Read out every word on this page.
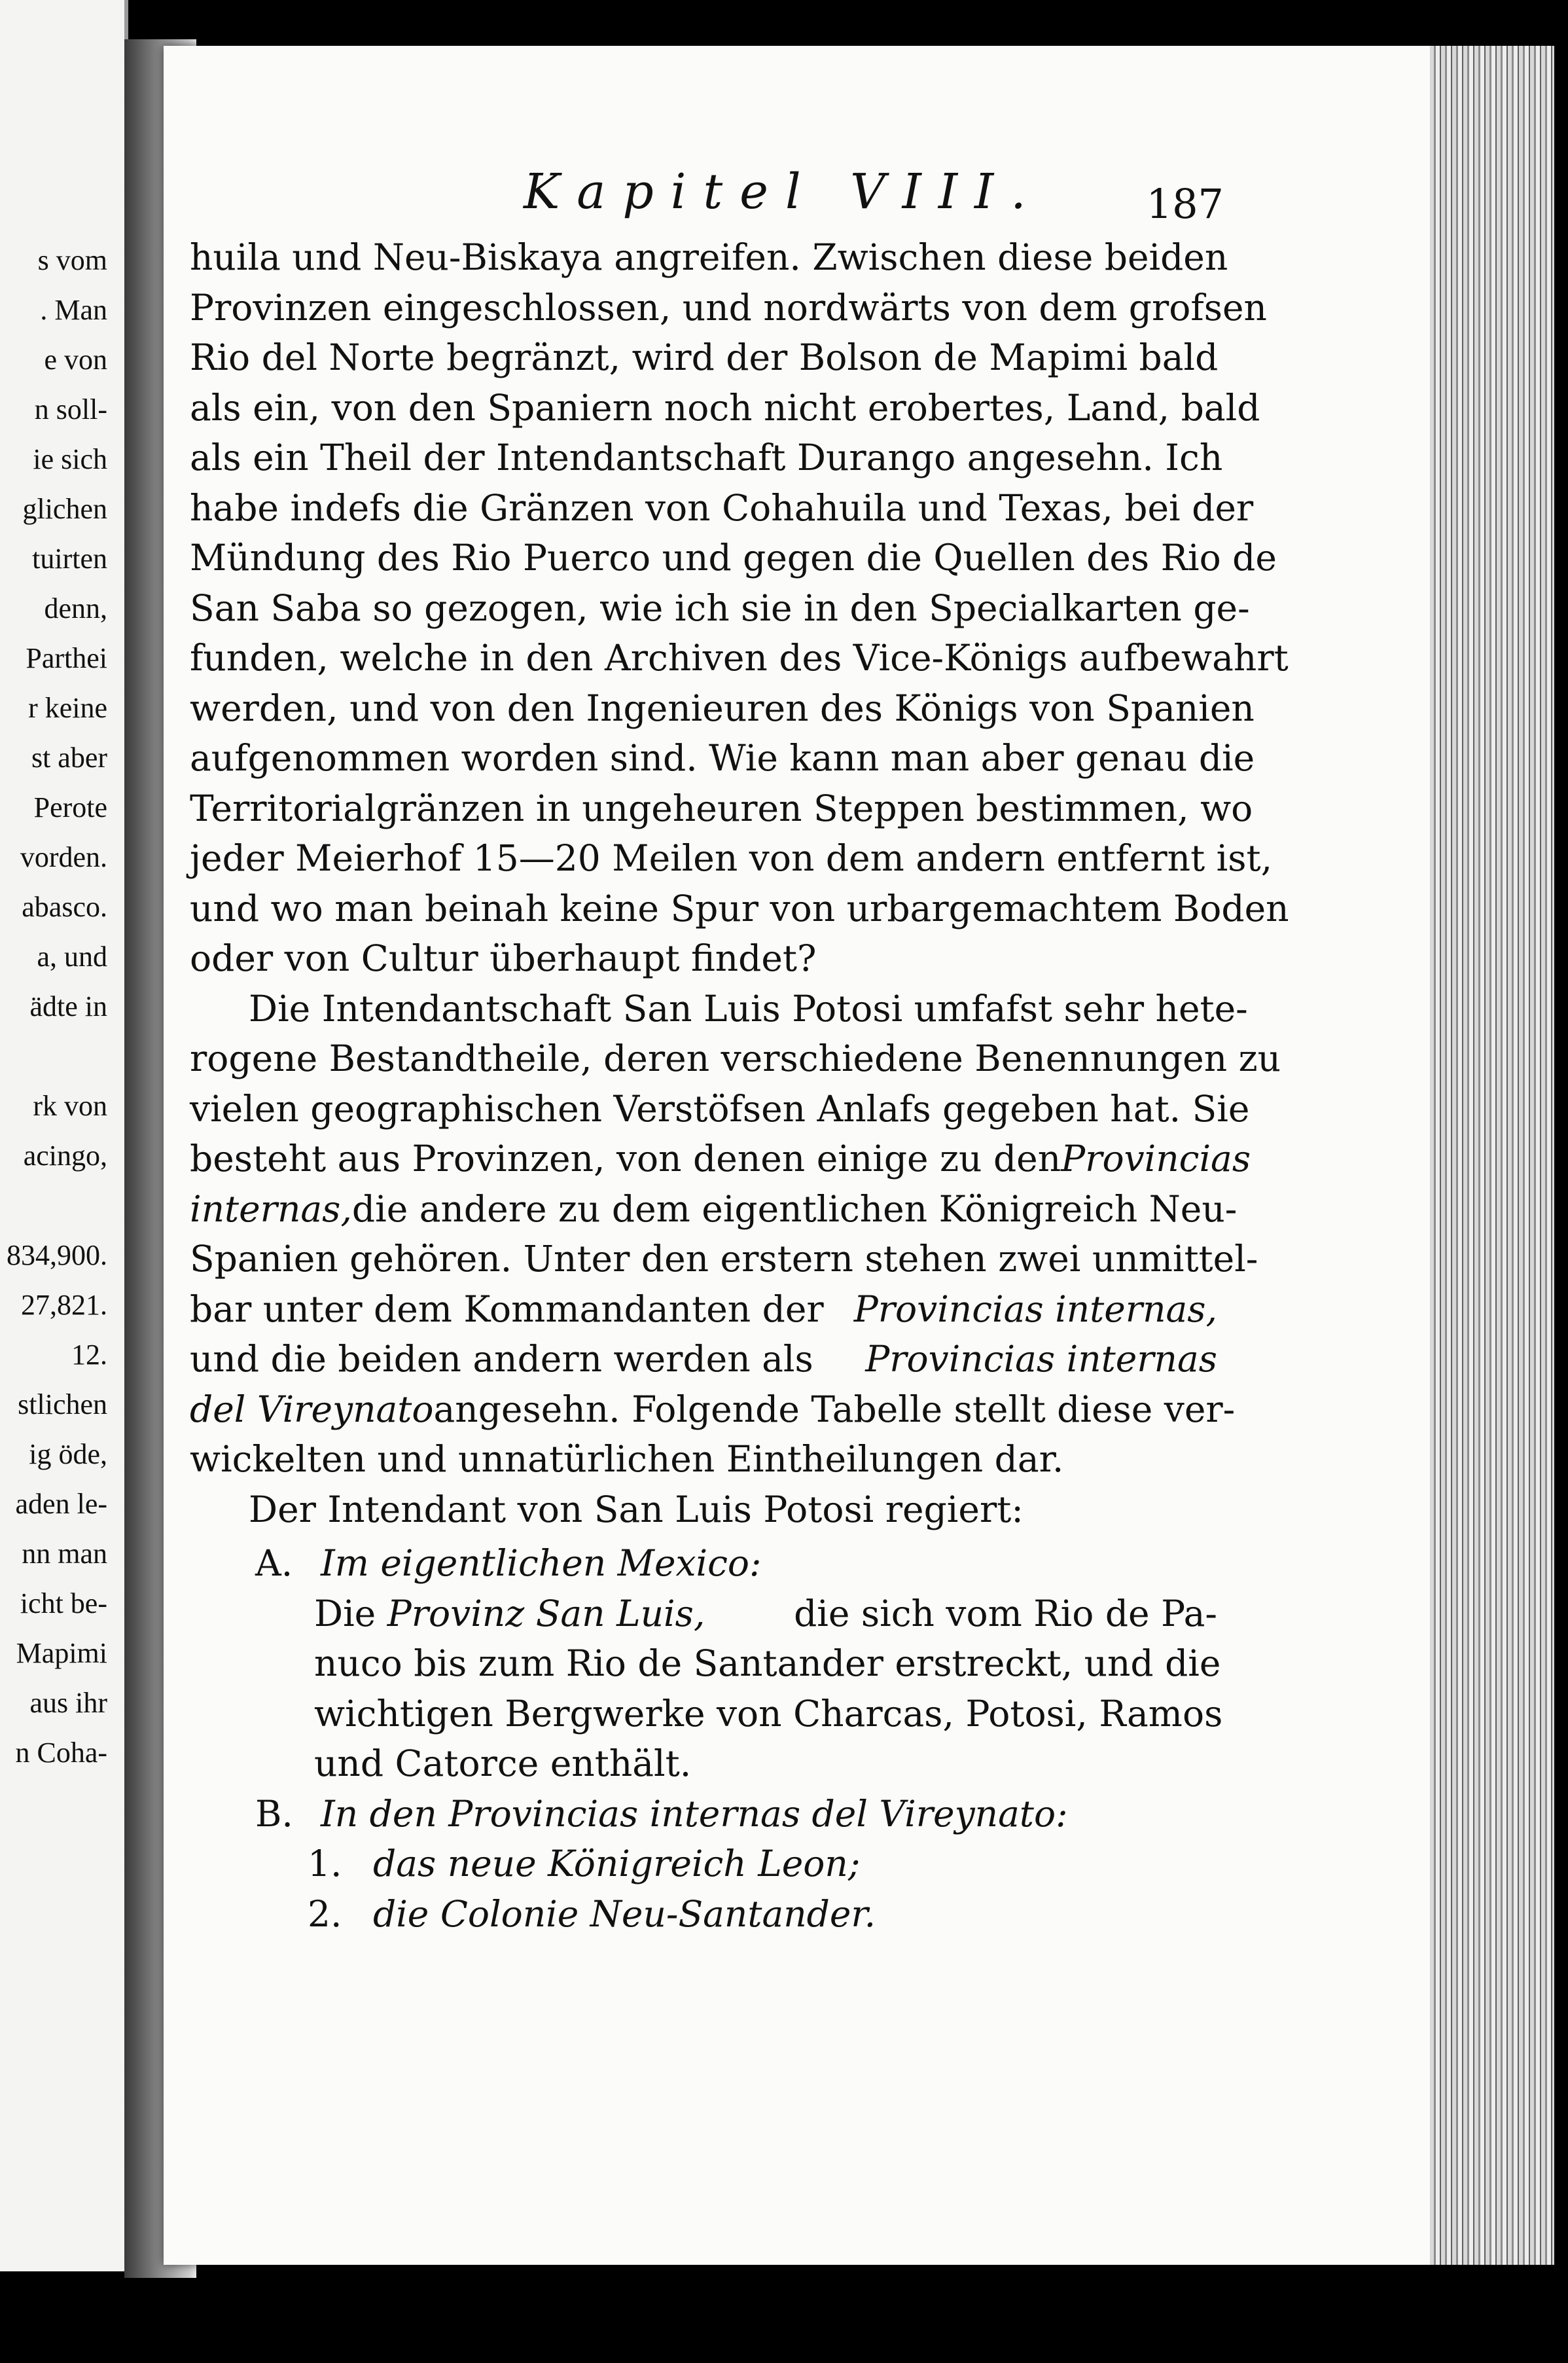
s vom
. Man
e von
n soll-
ie sich
glichen
tuirten
denn,
Parthei
r keine
st aber
Perote
vorden.
abasco.
a, und
ädte in
rk von
acingo,
834,900.
27,821.
12.
stlichen
ig öde,
aden le-
nn man
icht be-
Mapimi
aus ihr
n Coha-
Kapitel VIII.	187
huila und Neu-Biskaya angreifen. Zwischen diese beiden
Provinzen eingeschlossen, und nordwärts von dem grofsen
Rio del Norte begränzt, wird der Bolson de Mapimi bald
als ein, von den Spaniern noch nicht erobertes, Land, bald
als ein Theil der Intendantschaft Durango angesehn. Ich
habe indefs die Gränzen von Cohahuila und Texas, bei der
Mündung des Rio Puerco und gegen die Quellen des Rio de
San Saba so gezogen, wie ich sie in den Specialkarten ge-
funden, welche in den Archiven des Vice-Königs aufbewahrt
werden, und von den Ingenieuren des Königs von Spanien
aufgenommen worden sind. Wie kann man aber genau die
Territorialgränzen in ungeheuren Steppen bestimmen, wo
jeder Meierhof 15—20 Meilen von dem andern entfernt ist,
und wo man beinah keine Spur von urbargemachtem Boden
oder von Cultur überhaupt findet?
Die Intendantschaft San Luis Potosi umfafst sehr hete-
rogene Bestandtheile, deren verschiedene Benennungen zu
vielen geographischen Verstöfsen Anlafs gegeben hat. Sie
besteht aus Provinzen, von denen einige zu den Provincias
internas, die andere zu dem eigentlichen Königreich Neu-
Spanien gehören. Unter den erstern stehen zwei unmittel-
bar unter dem Kommandanten der Provincias internas,
und die beiden andern werden als Provincias internas
del Vireynato angesehn. Folgende Tabelle stellt diese ver-
wickelten und unnatürlichen Eintheilungen dar.
Der Intendant von San Luis Potosi regiert:
A. Im eigentlichen Mexico:
Die Provinz San Luis, die sich vom Rio de Pa-
nuco bis zum Rio de Santander erstreckt, und die
wichtigen Bergwerke von Charcas, Potosi, Ramos
und Catorce enthält.
B. In den Provincias internas del Vireynato:
1. das neue Königreich Leon;
2. die Colonie Neu-Santander.
